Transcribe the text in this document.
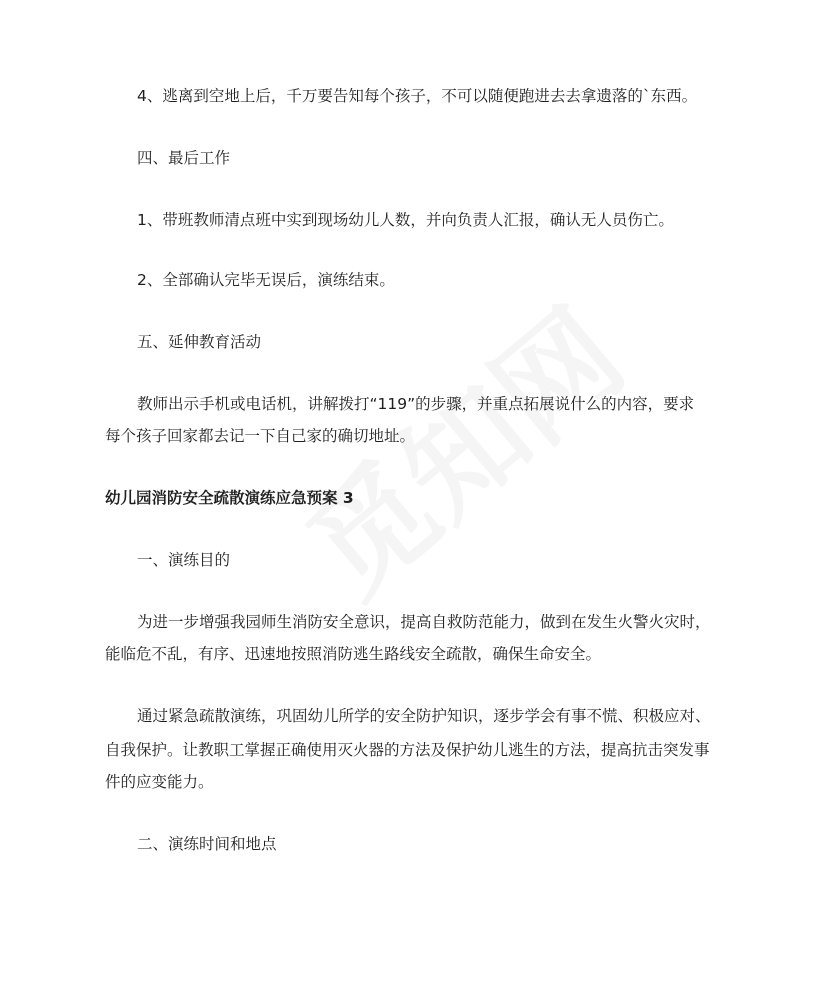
4、逃离到空地上后，千万要告知每个孩子，不可以随便跑进去去拿遗落的`东西。
四、最后工作
1、带班教师清点班中实到现场幼儿人数，并向负责人汇报，确认无人员伤亡。
2、全部确认完毕无误后，演练结束。
五、延伸教育活动
教师出示手机或电话机，讲解拨打“119”的步骤，并重点拓展说什么的内容，要求
每个孩子回家都去记一下自己家的确切地址。
幼儿园消防安全疏散演练应急预案 3
一、演练目的
为进一步增强我园师生消防安全意识，提高自救防范能力，做到在发生火警火灾时，
能临危不乱，有序、迅速地按照消防逃生路线安全疏散，确保生命安全。
通过紧急疏散演练，巩固幼儿所学的安全防护知识，逐步学会有事不慌、积极应对、
自我保护。让教职工掌握正确使用灭火器的方法及保护幼儿逃生的方法，提高抗击突发事
件的应变能力。
二、演练时间和地点
